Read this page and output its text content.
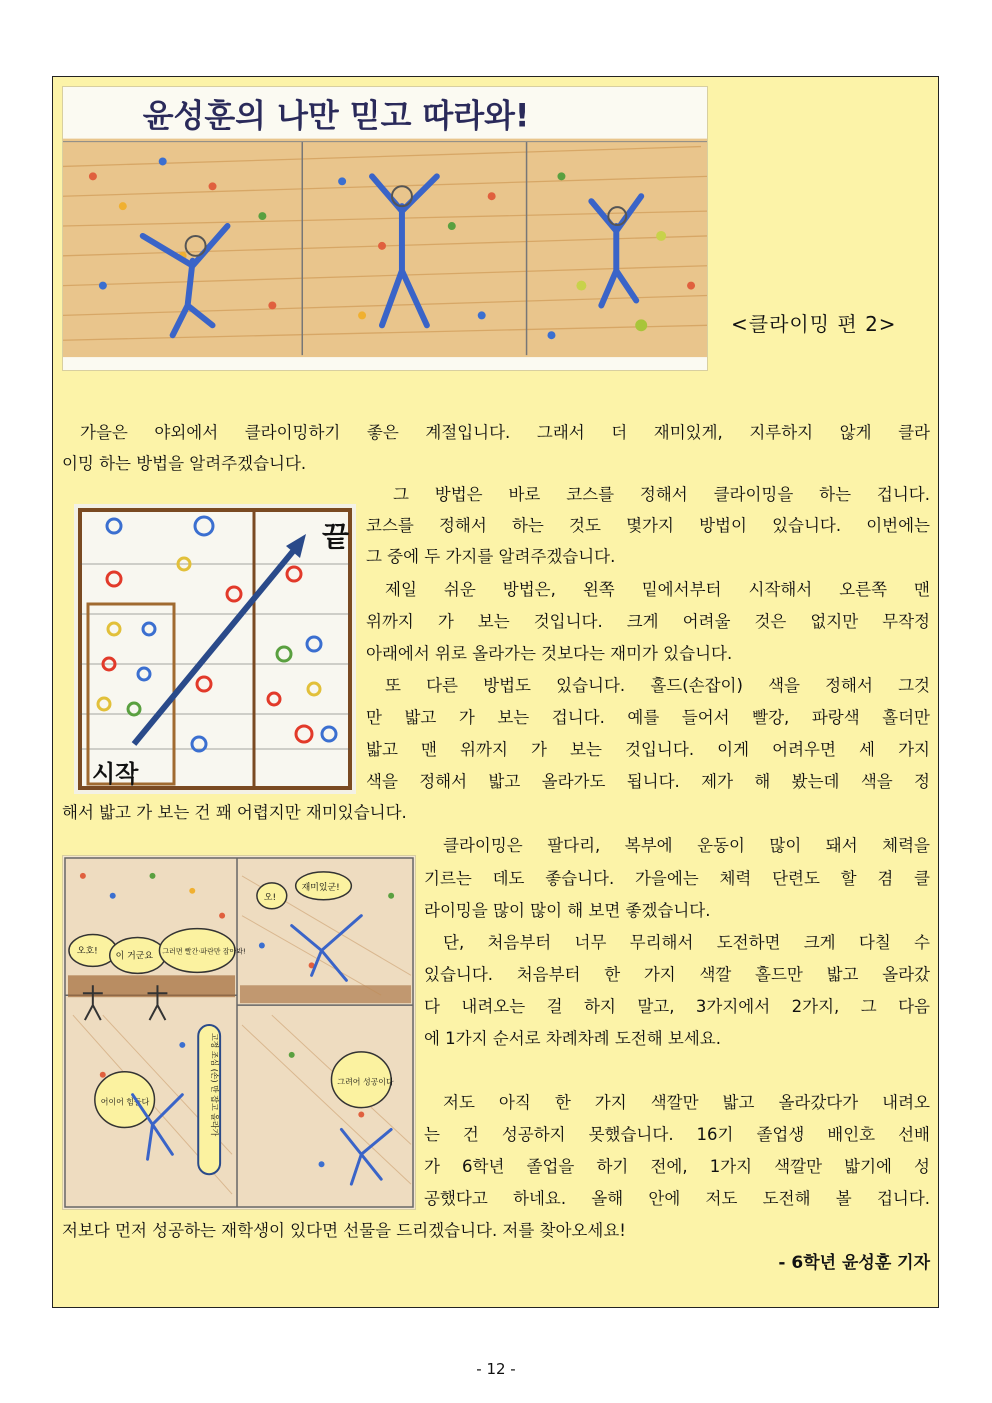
윤성훈의 나만 믿고 따라와!
<클라이밍 편 2>
끝
시작
오호! 이 거군요 그러면 빨간·파란만 잡아봐!
오!
재미있군!
고정 조심 (손) 만 잡고 올라가
어이어 힘들다
그려어 성공이다
가을은 야외에서 클라이밍하기 좋은 계절입니다. 그래서 더 재미있게, 지루하지 않게 클라
이밍 하는 방법을 알려주겠습니다.
그 방법은 바로 코스를 정해서 클라이밍을 하는 겁니다.
코스를 정해서 하는 것도 몇가지 방법이 있습니다. 이번에는
그 중에 두 가지를 알려주겠습니다.
제일 쉬운 방법은, 왼쪽 밑에서부터 시작해서 오른쪽 맨
위까지 가 보는 것입니다. 크게 어려울 것은 없지만 무작정
아래에서 위로 올라가는 것보다는 재미가 있습니다.
또 다른 방법도 있습니다. 홀드(손잡이) 색을 정해서 그것
만 밟고 가 보는 겁니다. 예를 들어서 빨강, 파랑색 홀더만
밟고 맨 위까지 가 보는 것입니다. 이게 어려우면 세 가지
색을 정해서 밟고 올라가도 됩니다. 제가 해 봤는데 색을 정
해서 밟고 가 보는 건 꽤 어렵지만 재미있습니다.
클라이밍은 팔다리, 복부에 운동이 많이 돼서 체력을
기르는 데도 좋습니다. 가을에는 체력 단련도 할 겸 클
라이밍을 많이 많이 해 보면 좋겠습니다.
단, 처음부터 너무 무리해서 도전하면 크게 다칠 수
있습니다. 처음부터 한 가지 색깔 홀드만 밟고 올라갔
다 내려오는 걸 하지 말고, 3가지에서 2가지, 그 다음
에 1가지 순서로 차례차례 도전해 보세요.
저도 아직 한 가지 색깔만 밟고 올라갔다가 내려오
는 건 성공하지 못했습니다. 16기 졸업생 배인호 선배
가 6학년 졸업을 하기 전에, 1가지 색깔만 밟기에 성
공했다고 하네요. 올해 안에 저도 도전해 볼 겁니다.
저보다 먼저 성공하는 재학생이 있다면 선물을 드리겠습니다. 저를 찾아오세요!
- 6학년 윤성훈 기자
- 12 -
